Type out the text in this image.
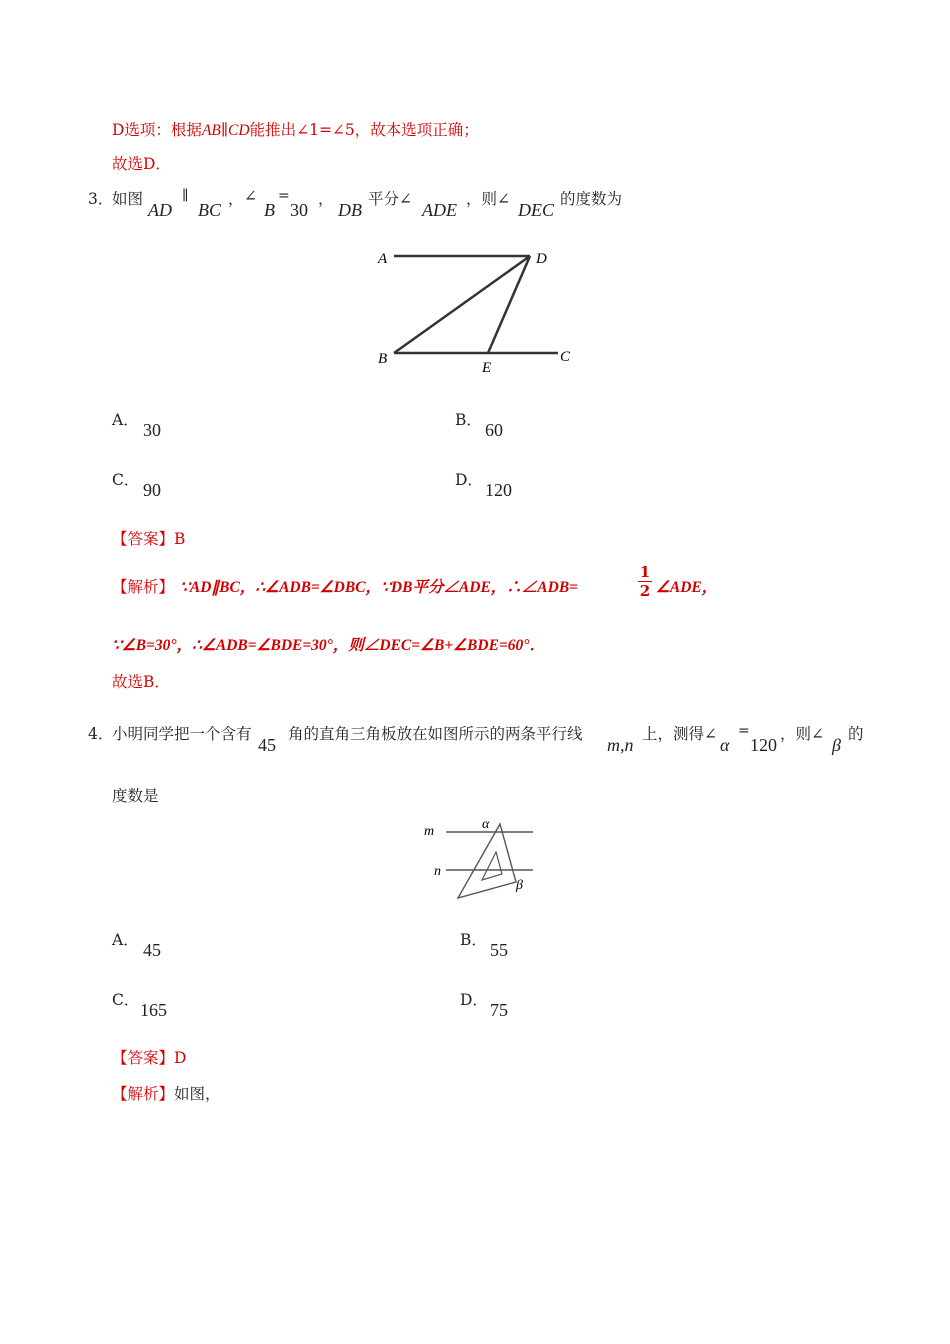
D选项：根据AB∥CD能推出∠1=∠5，故本选项正确；
故选D．
3．
如图
AD
∥
BC
， ∠
B
=
30
，
DB
平分∠
ADE
，则∠
DEC
的度数为
A	D
B
E
C
A． 30	B． 60
C． 90	D． 120
【答案】B
【解析】 ∵AD∥BC，∴∠ADB=∠DBC，∵DB平分∠ADE，∴∠ADB=
1
2 ∠ADE，
∵∠B=30°，∴∠ADB=∠BDE=30°，则∠DEC=∠B+∠BDE=60°．
故选B．
4．
小明同学把一个含有
45
角的直角三角板放在如图所示的两条平行线
m,n
上，测得∠
α
=
120
，则∠
β
的
度数是
m
n
α
β
A． 45	B． 55
C． 165	D． 75
【答案】D
【解析】如图，
